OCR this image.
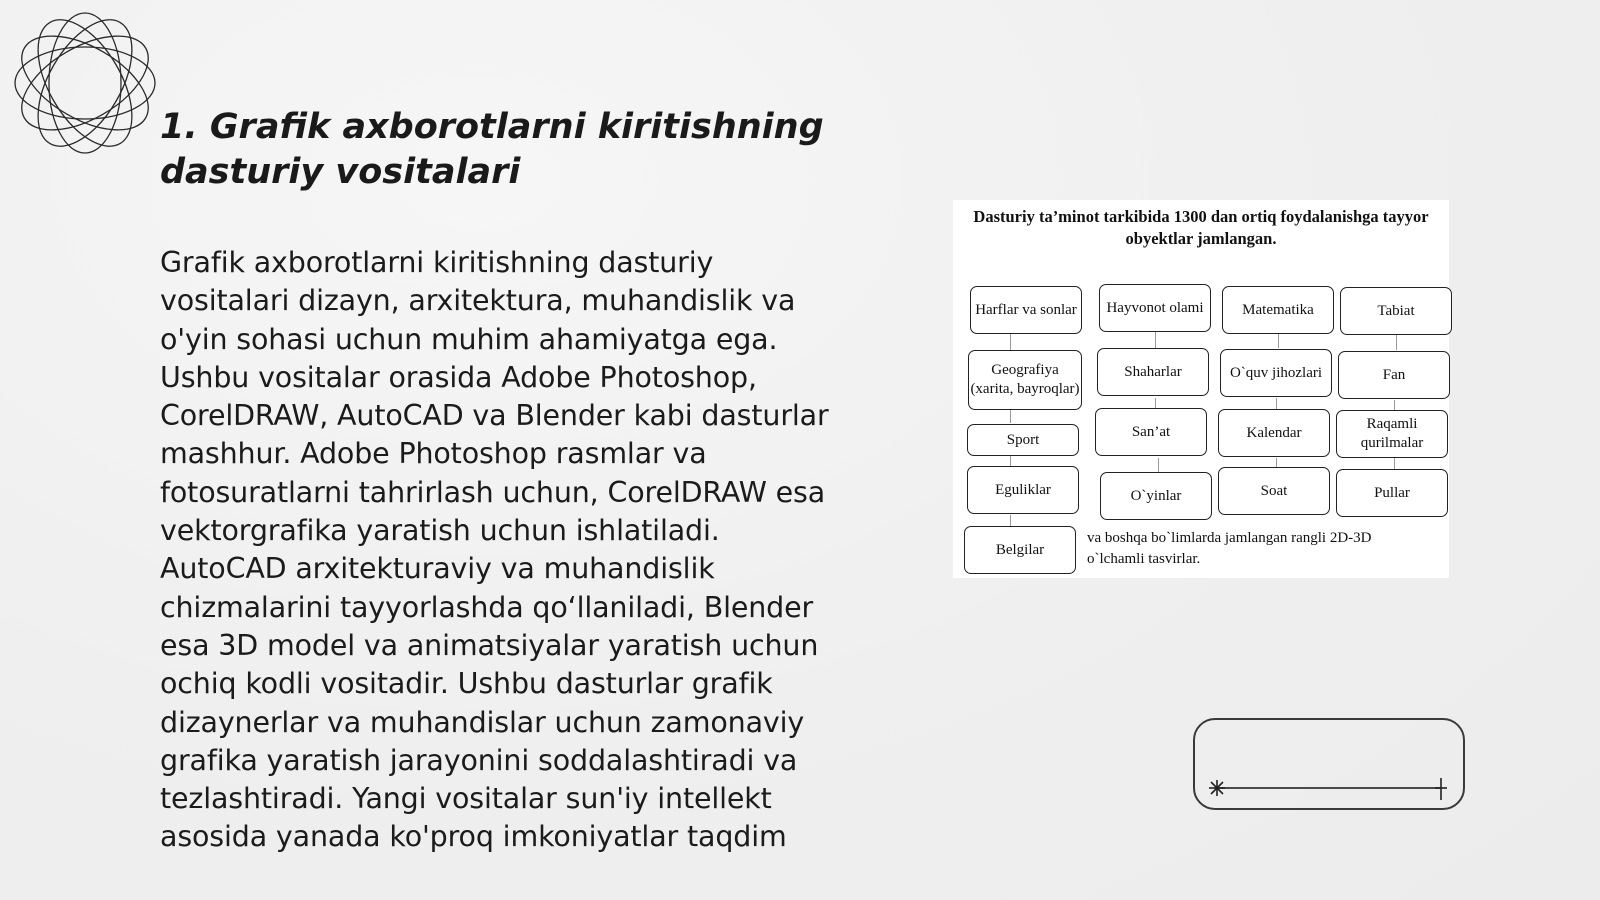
1. Grafik axborotlarni kiritishning dasturiy vositalari

Grafik axborotlarni kiritishning dasturiy vositalari dizayn, arxitektura, muhandislik va o'yin sohasi uchun muhim ahamiyatga ega. Ushbu vositalar orasida Adobe Photoshop, CorelDRAW, AutoCAD va Blender kabi dasturlar mashhur. Adobe Photoshop rasmlar va fotosuratlarni tahrirlash uchun, CorelDRAW esa vektorgrafika yaratish uchun ishlatiladi. AutoCAD arxitekturaviy va muhandislik chizmalarini tayyorlashda qo‘llaniladi, Blender esa 3D model va animatsiyalar yaratish uchun ochiq kodli vositadir. Ushbu dasturlar grafik dizaynerlar va muhandislar uchun zamonaviy grafika yaratish jarayonini soddalashtiradi va tezlashtiradi. Yangi vositalar sun'iy intellekt asosida yanada ko'proq imkoniyatlar taqdim

Dasturiy ta’minot tarkibida 1300 dan ortiq foydalanishga tayyor obyektlar jamlangan.
Harflar va sonlar	Hayvonot olami	Matematika	Tabiat
Geografiya (xarita, bayroqlar)
Shaharlar	O`quv jihozlari	Fan
Sport	San’at	Kalendar
Raqamli qurilmalar
Eguliklar	O`yinlar	Soat	Pullar
Belgilar
va boshqa bo`limlarda jamlangan rangli 2D-3D o`lchamli tasvirlar.
